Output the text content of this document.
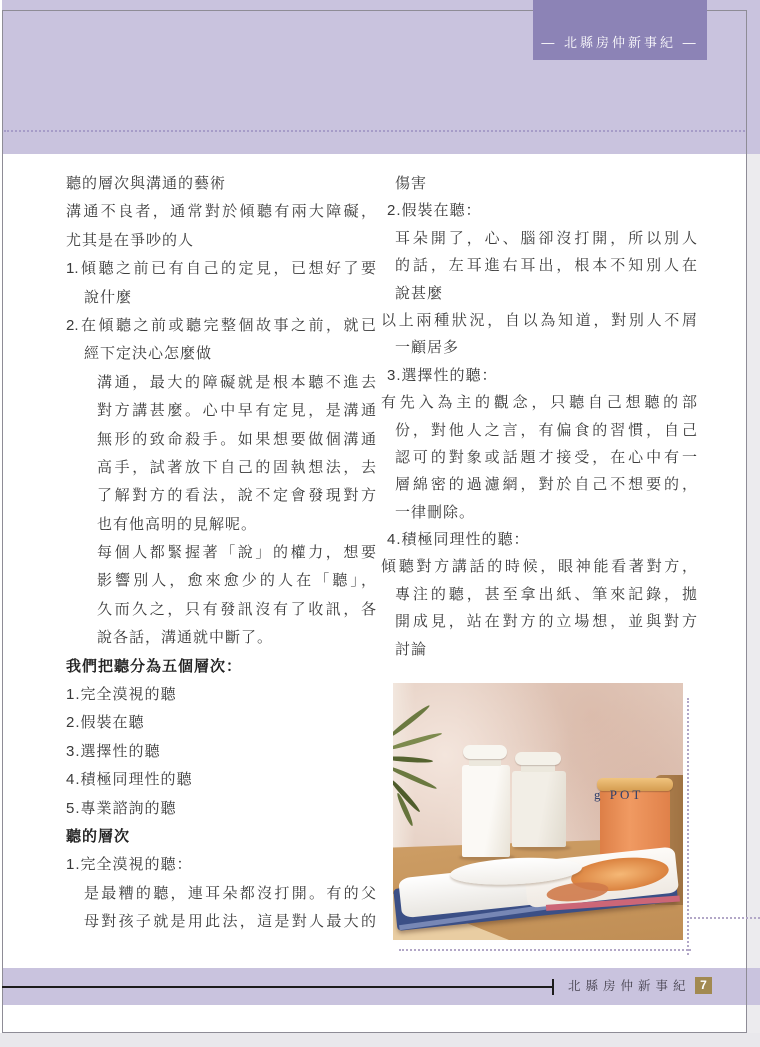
— 北縣房仲新事紀 —
聽的層次與溝通的藝術
溝通不良者，通常對於傾聽有兩大障礙，
尤其是在爭吵的人
1.傾聽之前已有自己的定見，已想好了要
說什麼
2.在傾聽之前或聽完整個故事之前，就已
經下定決心怎麼做
溝通，最大的障礙就是根本聽不進去
對方講甚麼。心中早有定見，是溝通
無形的致命殺手。如果想要做個溝通
高手，試著放下自己的固執想法，去
了解對方的看法，說不定會發現對方
也有他高明的見解呢。
每個人都緊握著「說」的權力，想要
影響別人，愈來愈少的人在「聽」，
久而久之，只有發訊沒有了收訊，各
說各話，溝通就中斷了。
我們把聽分為五個層次：
1.完全漠視的聽
2.假裝在聽
3.選擇性的聽
4.積極同理性的聽
5.專業諮詢的聽
聽的層次
1.完全漠視的聽：
是最糟的聽，連耳朵都沒打開。有的父
母對孩子就是用此法，這是對人最大的
傷害
2.假裝在聽：
耳朵開了，心、腦卻沒打開，所以別人
的話，左耳進右耳出，根本不知別人在
說甚麼
以上兩種狀況，自以為知道，對別人不屑
一顧居多
3.選擇性的聽：
有先入為主的觀念，只聽自己想聽的部
份，對他人之言，有偏食的習慣，自己
認可的對象或話題才接受，在心中有一
層綿密的過濾網，對於自己不想要的，
一律刪除。
4.積極同理性的聽：
傾聽對方講話的時候，眼神能看著對方，
專注的聽，甚至拿出紙、筆來記錄，拋
開成見，站在對方的立場想，並與對方
討論
g POT
北縣房仲新事紀 7
